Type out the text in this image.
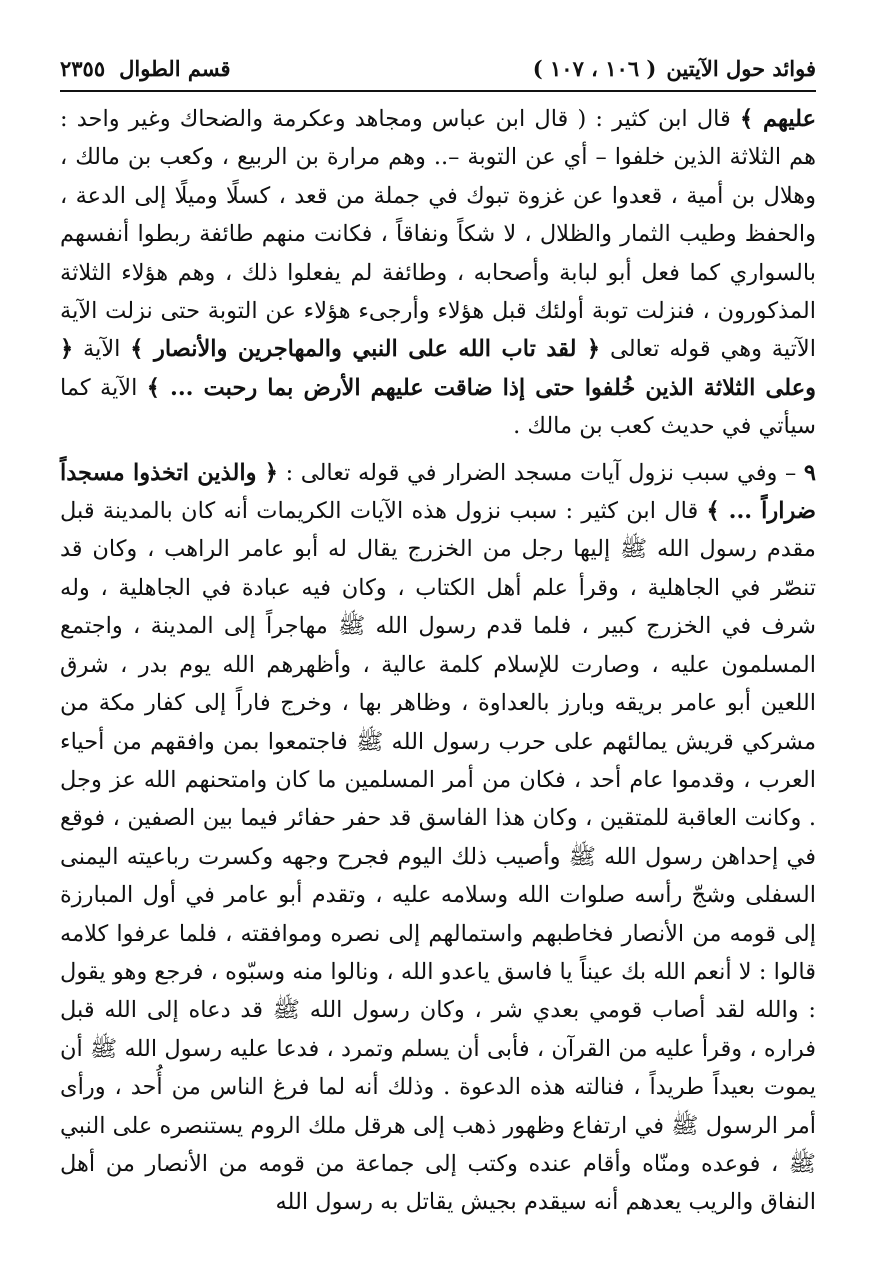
فوائد حول الآيتين
( ١٠٦ ، ١٠٧ )
قسم الطوال
٢٣٥٥

عليهم ﴾ قال ابن كثير : ( قال ابن عباس ومجاهد وعكرمة والضحاك وغير واحد : هم الثلاثة الذين خلفوا – أي عن التوبة –.. وهم مرارة بن الربيع ، وكعب بن مالك ، وهلال بن أمية ، قعدوا عن غزوة تبوك في جملة من قعد ، كسلًا وميلًا إلى الدعة ، والحفظ وطيب الثمار والظلال ، لا شكاً ونفاقاً ، فكانت منهم طائفة ربطوا أنفسهم بالسواري كما فعل أبو لبابة وأصحابه ، وطائفة لم يفعلوا ذلك ، وهم هؤلاء الثلاثة المذكورون ، فنزلت توبة أولئك قبل هؤلاء وأرجىء هؤلاء عن التوبة حتى نزلت الآية الآتية وهي قوله تعالى ﴿ لقد تاب الله على النبي والمهاجرين والأنصار ﴾ الآية ﴿ وعلى الثلاثة الذين خُلفوا حتى إذا ضاقت عليهم الأرض بما رحبت ... ﴾ الآية كما سيأتي في حديث كعب بن مالك .

٩ – وفي سبب نزول آيات مسجد الضرار في قوله تعالى : ﴿ والذين اتخذوا مسجداً ضراراً ... ﴾ قال ابن كثير : سبب نزول هذه الآيات الكريمات أنه كان بالمدينة قبل مقدم رسول الله ﷺ إليها رجل من الخزرج يقال له أبو عامر الراهب ، وكان قد تنصّر في الجاهلية ، وقرأ علم أهل الكتاب ، وكان فيه عبادة في الجاهلية ، وله شرف في الخزرج كبير ، فلما قدم رسول الله ﷺ مهاجراً إلى المدينة ، واجتمع المسلمون عليه ، وصارت للإسلام كلمة عالية ، وأظهرهم الله يوم بدر ، شرق اللعين أبو عامر بريقه وبارز بالعداوة ، وظاهر بها ، وخرج فاراً إلى كفار مكة من مشركي قريش يمالئهم على حرب رسول الله ﷺ فاجتمعوا بمن وافقهم من أحياء العرب ، وقدموا عام أحد ، فكان من أمر المسلمين ما كان وامتحنهم الله عز وجل . وكانت العاقبة للمتقين ، وكان هذا الفاسق قد حفر حفائر فيما بين الصفين ، فوقع في إحداهن رسول الله ﷺ وأصيب ذلك اليوم فجرح وجهه وكسرت رباعيته اليمنى السفلى وشجّ رأسه صلوات الله وسلامه عليه ، وتقدم أبو عامر في أول المبارزة إلى قومه من الأنصار فخاطبهم واستمالهم إلى نصره وموافقته ، فلما عرفوا كلامه قالوا : لا أنعم الله بك عيناً يا فاسق ياعدو الله ، ونالوا منه وسبّوه ، فرجع وهو يقول : والله لقد أصاب قومي بعدي شر ، وكان رسول الله ﷺ قد دعاه إلى الله قبل فراره ، وقرأ عليه من القرآن ، فأبى أن يسلم وتمرد ، فدعا عليه رسول الله ﷺ أن يموت بعيداً طريداً ، فنالته هذه الدعوة . وذلك أنه لما فرغ الناس من أُحد ، ورأى أمر الرسول ﷺ في ارتفاع وظهور ذهب إلى هرقل ملك الروم يستنصره على النبي ﷺ ، فوعده ومنّاه وأقام عنده وكتب إلى جماعة من قومه من الأنصار من أهل النفاق والريب يعدهم أنه سيقدم بجيش يقاتل به رسول الله
